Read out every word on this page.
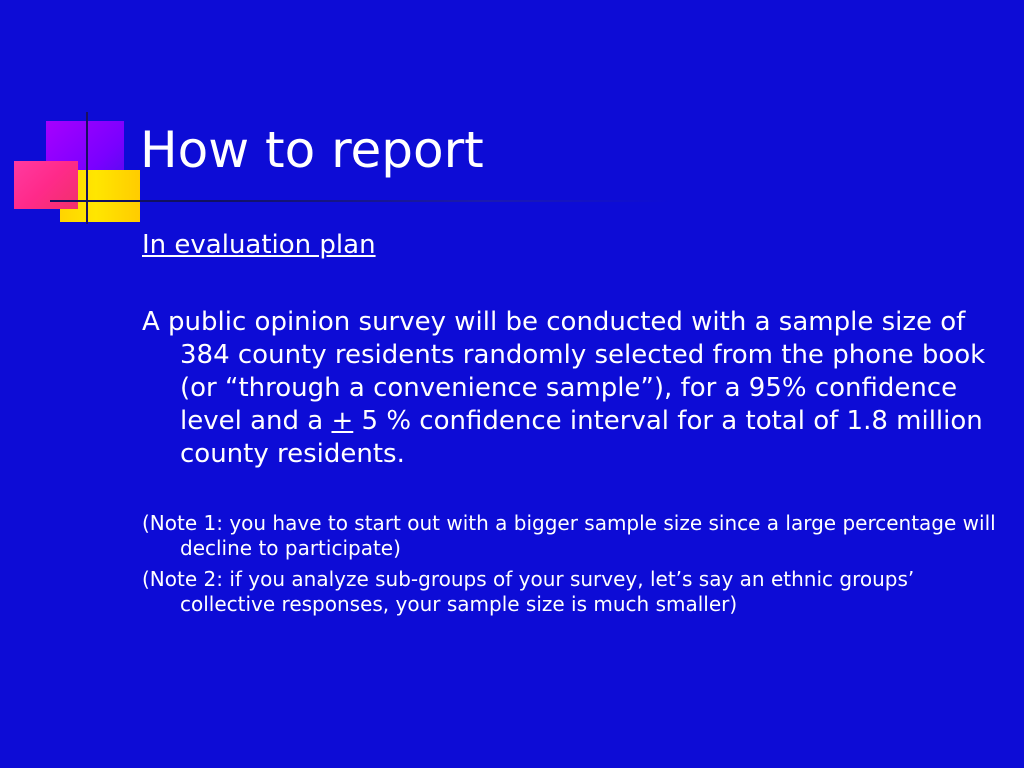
How to report
In evaluation plan
A public opinion survey will be conducted with a sample size of 384 county residents randomly selected from the phone book (or “through a convenience sample”), for a 95% confidence level and a + 5 % confidence interval for a total of 1.8 million county residents.
(Note 1: you have to start out with a bigger sample size since a large percentage will decline to participate)
(Note 2: if you analyze sub-groups of your survey, let’s say an ethnic groups’ collective responses, your sample size is much smaller)
